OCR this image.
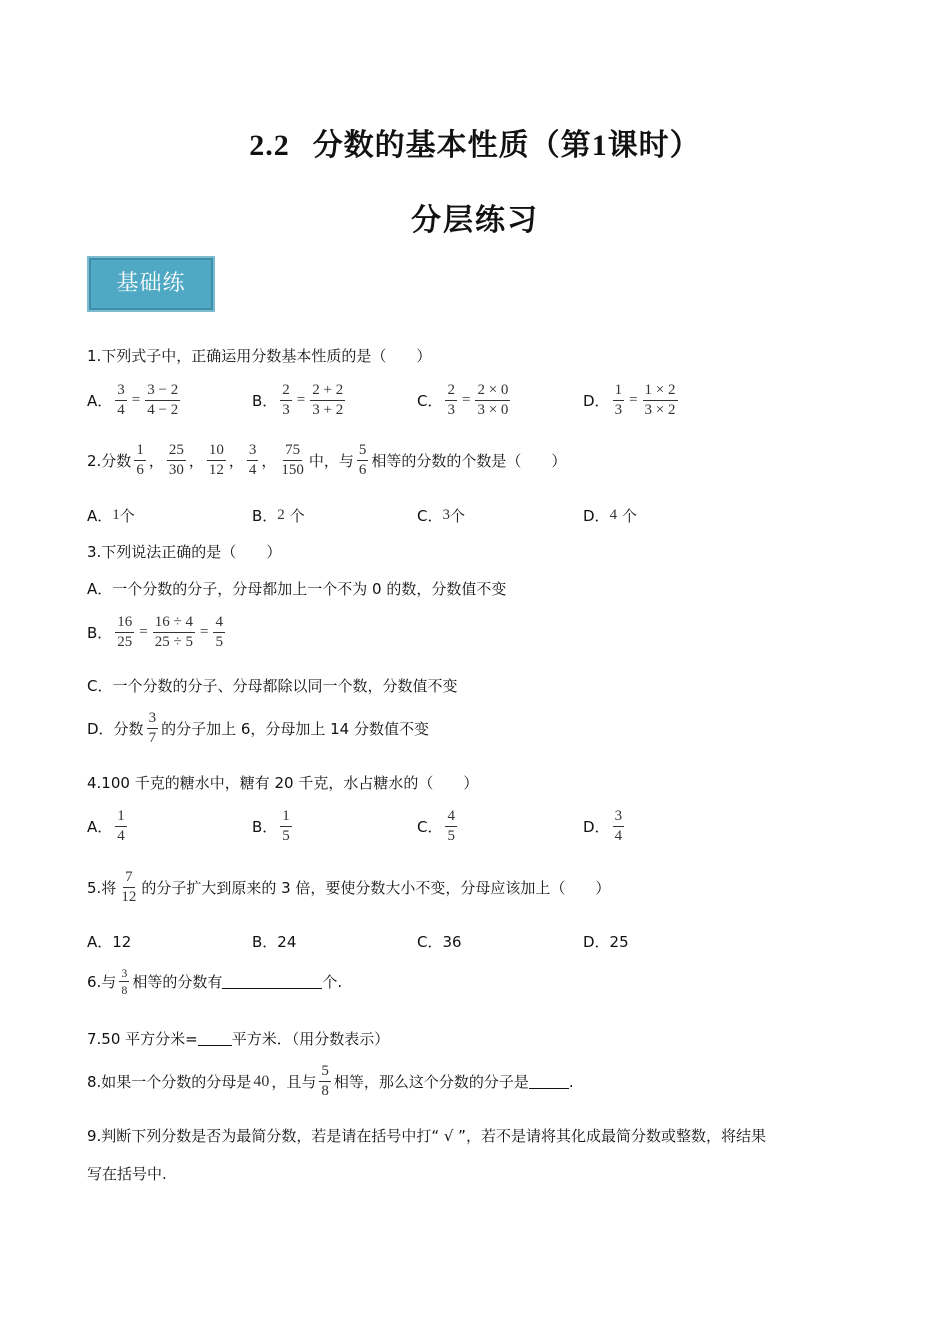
2.2 分数的基本性质（第1课时）
分层练习
基础练
1.下列式子中，正确运用分数基本性质的是（　　）
A． $\frac{3}{4} = \frac{3 - 2}{4 - 2}$	B． $\frac{2}{3} = \frac{2 + 2}{3 + 2}$	C． $\frac{2}{3} = \frac{2 \times 0}{3 \times 0}$	D． $\frac{1}{3} = \frac{1 \times 2}{3 \times 2}$
2.分数 $\frac{1}{6}$ ， $\frac{25}{30}$ ， $\frac{10}{12}$ ， $\frac{3}{4}$ ， $\frac{75}{150}$ 中，与 $\frac{5}{6}$ 相等的分数的个数是（　　）
A． 1 个	B． 2
个	C． 3 个	D． 4
个
3.下列说法正确的是（　　）
A．一个分数的分子，分母都加上一个不为 0 的数，分数值不变
B． $\frac{16}{25} = \frac{16 \div 4}{25 \div 5} = \frac{4}{5}$
C．一个分数的分子、分母都除以同一个数，分数值不变
D．分数 $\frac{3}{7}$ 的分子加上 6，分母加上 14 分数值不变
4.100 千克的糖水中，糖有 20 千克，水占糖水的（　　）
A． $\frac{1}{4}$	B． $\frac{1}{5}$	C． $\frac{4}{5}$	D． $\frac{3}{4}$
5.将 $\frac{7}{12}$ 的分子扩大到原来的 3 倍，要使分数大小不变，分母应该加上（　　）
A．12	B．24	C．36	D．25
6.与 $\frac{3}{8}$ 相等的分数有	个.
7.50 平方分米= 平方米．（用分数表示）
8.如果一个分数的分母是 40 ，且与 $\frac{5}{8}$ 相等，那么这个分数的分子是	.
9.判断下列分数是否为最简分数，若是请在括号中打“ √ ”，若不是请将其化成最简分数或整数，将结果
写在括号中.
